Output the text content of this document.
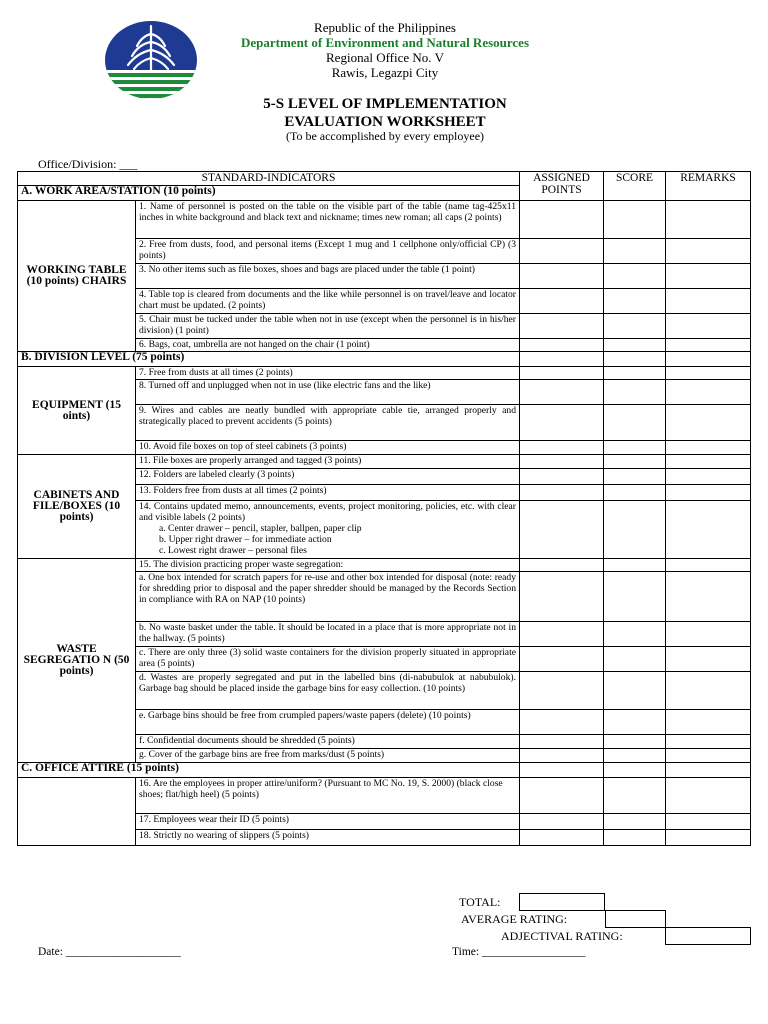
Republic of the Philippines
Department of Environment and Natural Resources
Regional Office No. V
Rawis, Legazpi City
5-S LEVEL OF IMPLEMENTATION
EVALUATION WORKSHEET
(To be accomplished by every employee)
Office/Division: ___
STANDARD-INDICATORS		ASSIGNED
POINTS	SCORE	REMARKS
A. WORK AREA/STATION (10 points)				
WORKING TABLE (10 points) CHAIRS	1. Name of personnel is posted on the table on the visible part of the table (name tag-425x11 inches in white background and black text and nickname; times new roman; all caps (2 points)			
	2. Free from dusts, food, and personal items (Except 1 mug and 1 cellphone only/official CP) (3 points)			
	3. No other items such as file boxes, shoes and bags are placed under the table (1 point)			
	4. Table top is cleared from documents and the like while personnel is on travel/leave and locator chart must be updated. (2 points)			
	5. Chair must be tucked under the table when not in use (except when the personnel is in his/her division) (1 point)			
	6. Bags, coat, umbrella are not hanged on the chair (1 point)			
B. DIVISION LEVEL (75 points)				
EQUIPMENT (15 oints)	7. Free from dusts at all times (2 points)			
	8. Turned off and unplugged when not in use (like electric fans and the like)			
	9. Wires and cables are neatly bundled with appropriate cable tie, arranged properly and strategically placed to prevent accidents (5 points)			
	10. Avoid file boxes on top of steel cabinets (3 points)			
CABINETS AND FILE/BOXES (10 points)	11. File boxes are properly arranged and tagged (3 points)			
	12. Folders are labeled clearly (3 points)			
	13. Folders free from dusts at all times (2 points)			

	14. Contains updated memo, announcements, events, project monitoring, policies, etc. with clear and visible labels (2 points)
a. Center drawer – pencil, stapler, ballpen, paper clip
b. Upper right drawer – for immediate action
c. Lowest right drawer – personal files			

WASTE SEGREGATIO N (50 points)	15. The division practicing proper waste segregation:			
	a. One box intended for scratch papers for re-use and other box intended for disposal (note: ready for shredding prior to disposal and the paper shredder should be managed by the Records Section in compliance with RA on NAP (10 points)			
	b. No waste basket under the table. It should be located in a place that is more appropriate not in the hallway. (5 points)			
	c. There are only three (3) solid waste containers for the division properly situated in appropriate area (5 points)			
	d. Wastes are properly segregated and put in the labelled bins (di-nabubulok at nabubulok). Garbage bag should be placed inside the garbage bins for easy collection. (10 points)			
	e. Garbage bins should be free from crumpled papers/waste papers (delete) (10 points)			
	f. Confidential documents should be shredded (5 points)			
	g. Cover of the garbage bins are free from marks/dust (5 points)			
C. OFFICE ATTIRE (15 points)				
	16. Are the employees in proper attire/uniform? (Pursuant to MC No. 19, S. 2000) (black close shoes; flat/high heel) (5 points)			
	17. Employees wear their ID (5 points)			
	18. Strictly no wearing of slippers (5 points)			
TOTAL:
AVERAGE RATING:
ADJECTIVAL RATING:
Date: ____________________	Time: __________________
